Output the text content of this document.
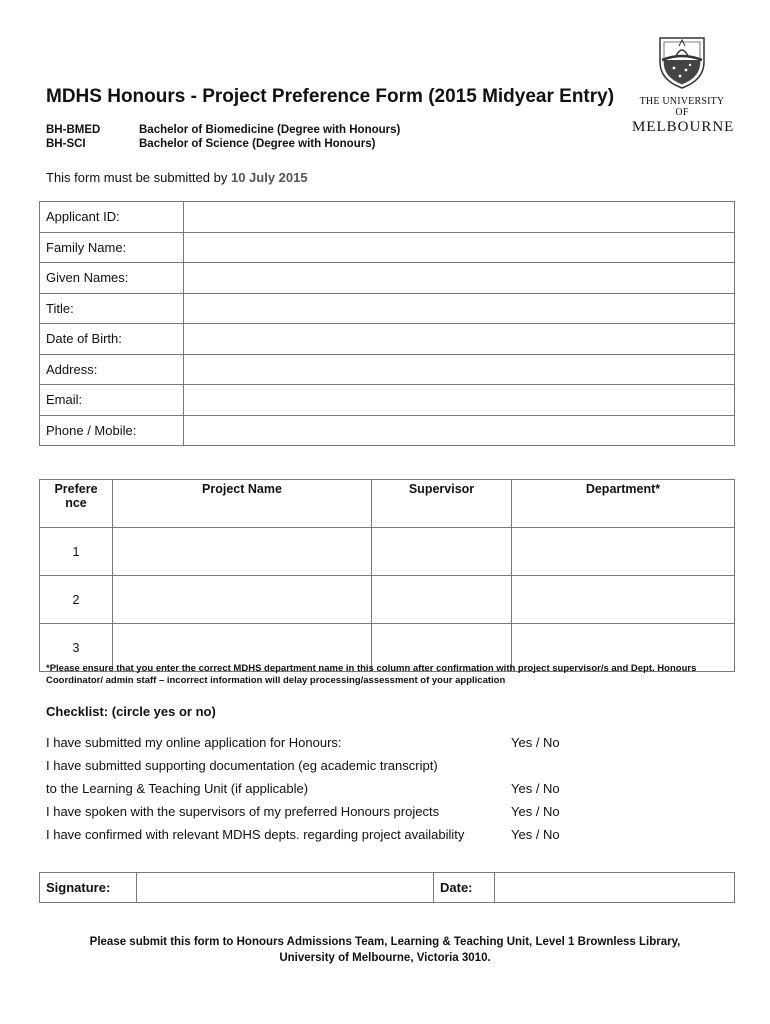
THE UNIVERSITY OF
MELBOURNE
MDHS Honours - Project Preference Form (2015 Midyear Entry)
BH-BMED	Bachelor of Biomedicine (Degree with Honours)
BH-SCI	Bachelor of Science (Degree with Honours)
This form must be submitted by 10 July 2015
Applicant ID:	
Family Name:	
Given Names:	
Title:	
Date of Birth:	
Address:	
Email:	
Phone / Mobile:	
Prefere
nce	Project Name	Supervisor	Department*
1			
2			
3			
*Please ensure that you enter the correct MDHS department name in this column after confirmation with project supervisor/s and Dept. Honours Coordinator/ admin staff – incorrect information will delay processing/assessment of your application
Checklist: (circle yes or no)
I have submitted my online application for Honours:	Yes / No
I have submitted supporting documentation (eg academic transcript)
to the Learning & Teaching Unit (if applicable)	Yes / No
I have spoken with the supervisors of my preferred Honours projects	Yes / No
I have confirmed with relevant MDHS depts. regarding project availability	Yes / No
Signature:		Date:	
Please submit this form to Honours Admissions Team, Learning & Teaching Unit, Level 1 Brownless Library,
University of Melbourne, Victoria 3010.
